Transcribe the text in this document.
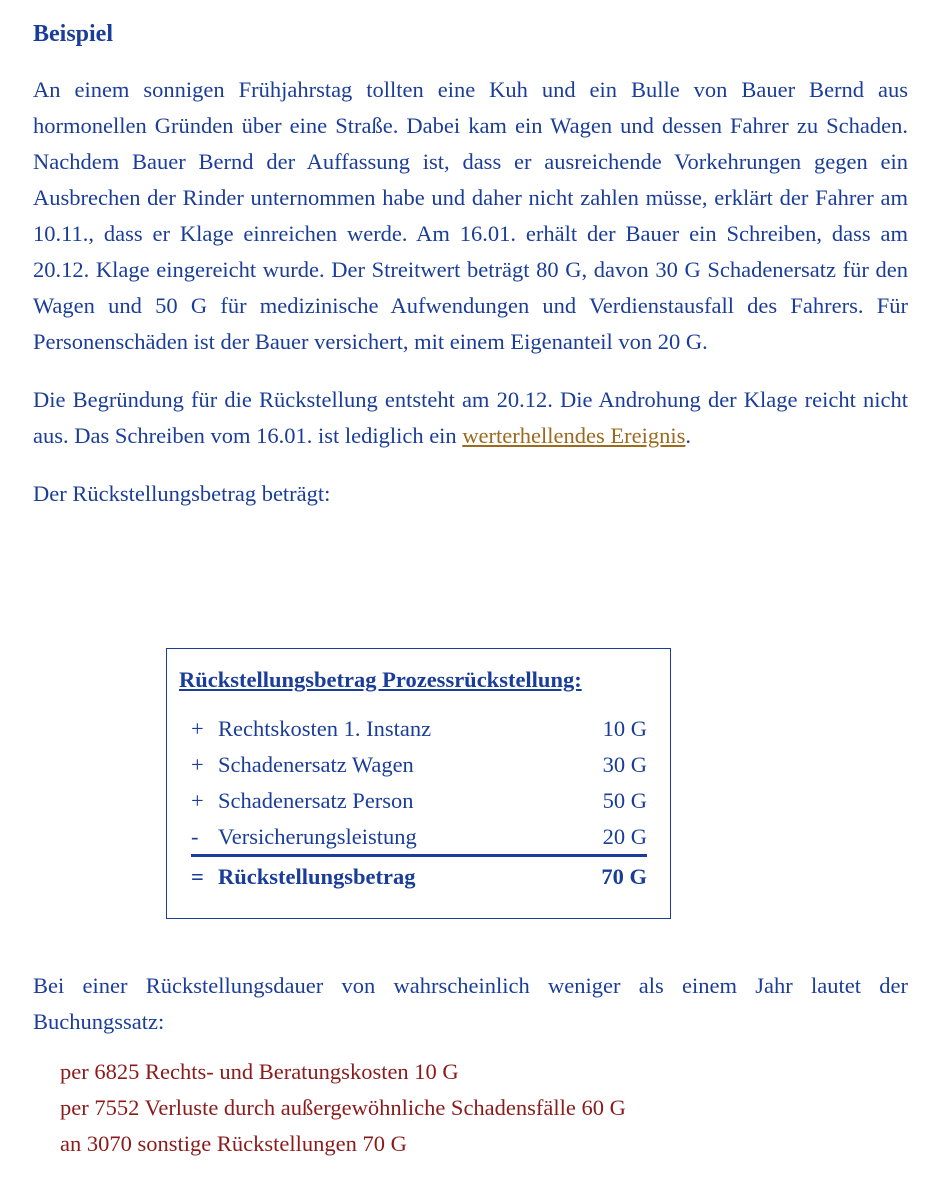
Beispiel

An einem sonnigen Frühjahrstag tollten eine Kuh und ein Bulle von Bauer Bernd aus hormonellen Gründen über eine Straße. Dabei kam ein Wagen und dessen Fahrer zu Schaden. Nachdem Bauer Bernd der Auffassung ist, dass er ausreichende Vorkehrungen gegen ein Ausbrechen der Rinder unternommen habe und daher nicht zahlen müsse, erklärt der Fahrer am 10.11., dass er Klage einreichen werde. Am 16.01. erhält der Bauer ein Schreiben, dass am 20.12. Klage eingereicht wurde. Der Streitwert beträgt 80 G, davon 30 G Schadenersatz für den Wagen und 50 G für medizinische Aufwendungen und Verdienstausfall des Fahrers. Für Personenschäden ist der Bauer versichert, mit einem Eigenanteil von 20 G.

Die Begründung für die Rückstellung entsteht am 20.12. Die Androhung der Klage reicht nicht aus. Das Schreiben vom 16.01. ist lediglich ein werterhellendes Ereignis.

Der Rückstellungsbetrag beträgt:

Rückstellungsbetrag Prozessrückstellung:
+ Rechtskosten 1. Instanz	10 G
+ Schadenersatz Wagen	30 G
+ Schadenersatz Person	50 G
- Versicherungsleistung	20 G
= Rückstellungsbetrag	70 G

Bei einer Rückstellungsdauer von wahrscheinlich weniger als einem Jahr lautet der Buchungssatz:

per 6825 Rechts- und Beratungskosten 10 G
per 7552 Verluste durch außergewöhnliche Schadensfälle 60 G
an 3070 sonstige Rückstellungen 70 G
